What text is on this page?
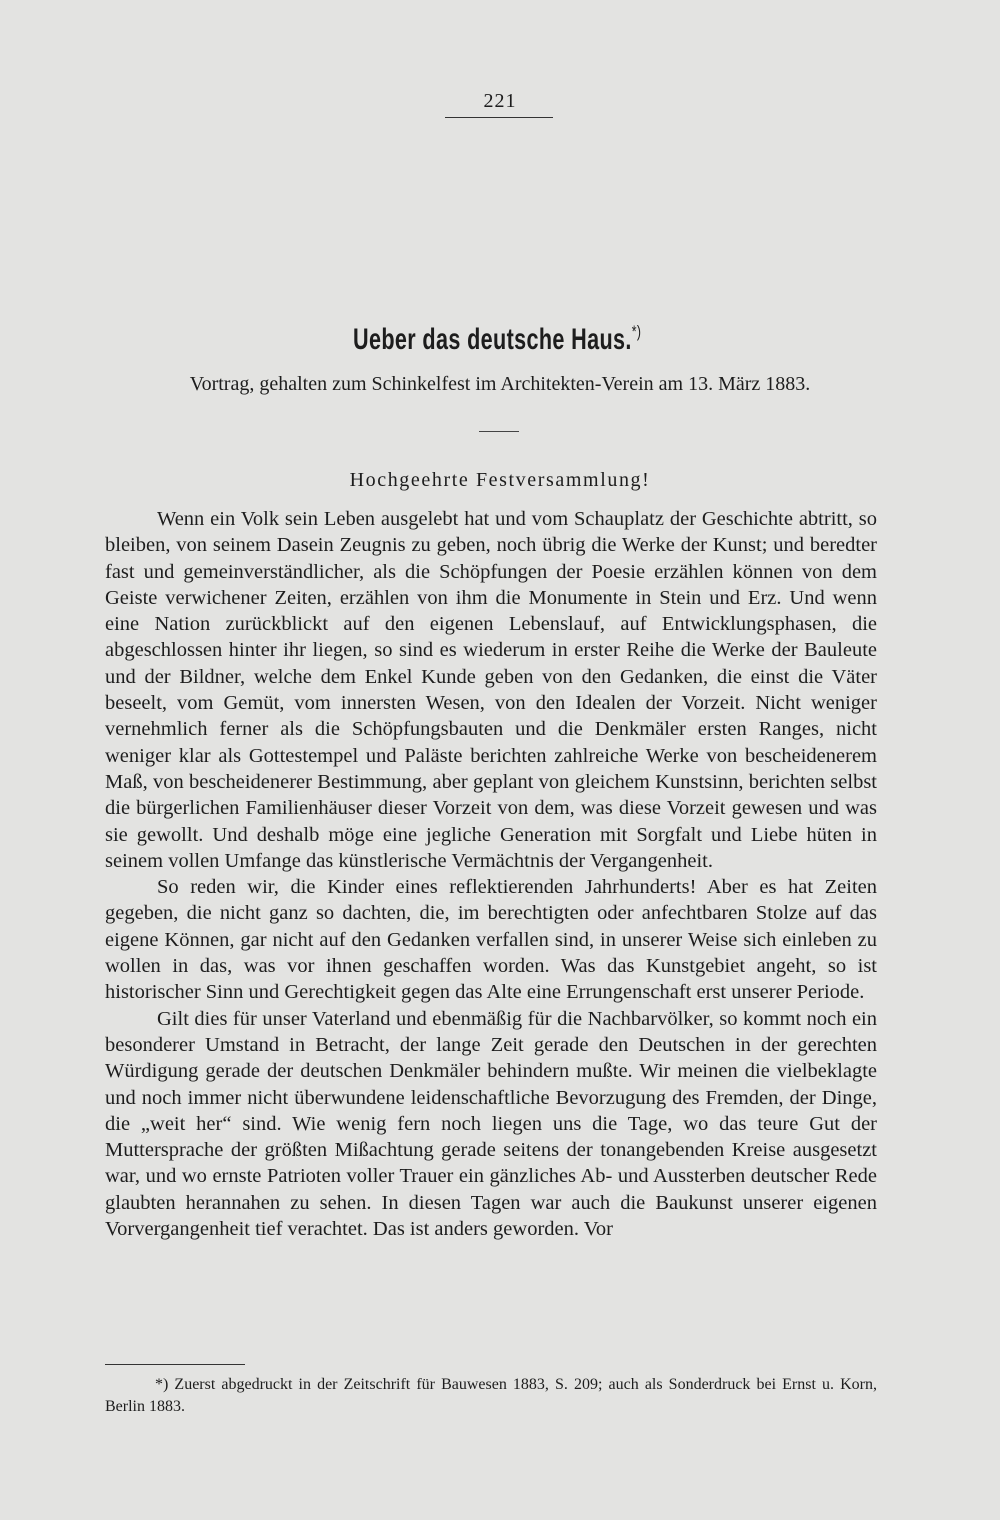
221
Ueber das deutsche Haus.*)
Vortrag, gehalten zum Schinkelfest im Architekten-Verein am 13. März 1883.
Hochgeehrte Festversammlung!

Wenn ein Volk sein Leben ausgelebt hat und vom Schauplatz der Geschichte abtritt, so bleiben, von seinem Dasein Zeugnis zu geben, noch übrig die Werke der Kunst; und beredter fast und gemeinverständlicher, als die Schöpfungen der Poesie erzählen können von dem Geiste verwichener Zeiten, erzählen von ihm die Monumente in Stein und Erz. Und wenn eine Nation zurückblickt auf den eigenen Lebenslauf, auf Entwicklungsphasen, die abgeschlossen hinter ihr liegen, so sind es wiederum in erster Reihe die Werke der Bauleute und der Bildner, welche dem Enkel Kunde geben von den Gedanken, die einst die Väter beseelt, vom Gemüt, vom innersten Wesen, von den Idealen der Vorzeit. Nicht weniger vernehmlich ferner als die Schöpfungsbauten und die Denkmäler ersten Ranges, nicht weniger klar als Gottestempel und Paläste berichten zahlreiche Werke von bescheidenerem Maß, von bescheidenerer Bestimmung, aber geplant von gleichem Kunstsinn, berichten selbst die bürgerlichen Familienhäuser dieser Vorzeit von dem, was diese Vorzeit gewesen und was sie gewollt. Und deshalb möge eine jegliche Generation mit Sorgfalt und Liebe hüten in seinem vollen Umfange das künstlerische Vermächtnis der Vergangenheit.

So reden wir, die Kinder eines reflektierenden Jahrhunderts! Aber es hat Zeiten gegeben, die nicht ganz so dachten, die, im berechtigten oder anfechtbaren Stolze auf das eigene Können, gar nicht auf den Gedanken verfallen sind, in unserer Weise sich einleben zu wollen in das, was vor ihnen geschaffen worden. Was das Kunstgebiet angeht, so ist historischer Sinn und Gerechtigkeit gegen das Alte eine Errungenschaft erst unserer Periode.

Gilt dies für unser Vaterland und ebenmäßig für die Nachbarvölker, so kommt noch ein besonderer Umstand in Betracht, der lange Zeit gerade den Deutschen in der gerechten Würdigung gerade der deutschen Denkmäler behindern mußte. Wir meinen die vielbeklagte und noch immer nicht überwundene leidenschaftliche Bevorzugung des Fremden, der Dinge, die „weit her“ sind. Wie wenig fern noch liegen uns die Tage, wo das teure Gut der Muttersprache der größten Mißachtung gerade seitens der tonangebenden Kreise ausgesetzt war, und wo ernste Patrioten voller Trauer ein gänzliches Ab- und Aussterben deutscher Rede glaubten herannahen zu sehen. In diesen Tagen war auch die Baukunst unserer eigenen Vorvergangenheit tief verachtet. Das ist anders geworden. Vor

*) Zuerst abgedruckt in der Zeitschrift für Bauwesen 1883, S. 209; auch als Sonderdruck bei Ernst u. Korn, Berlin 1883.
